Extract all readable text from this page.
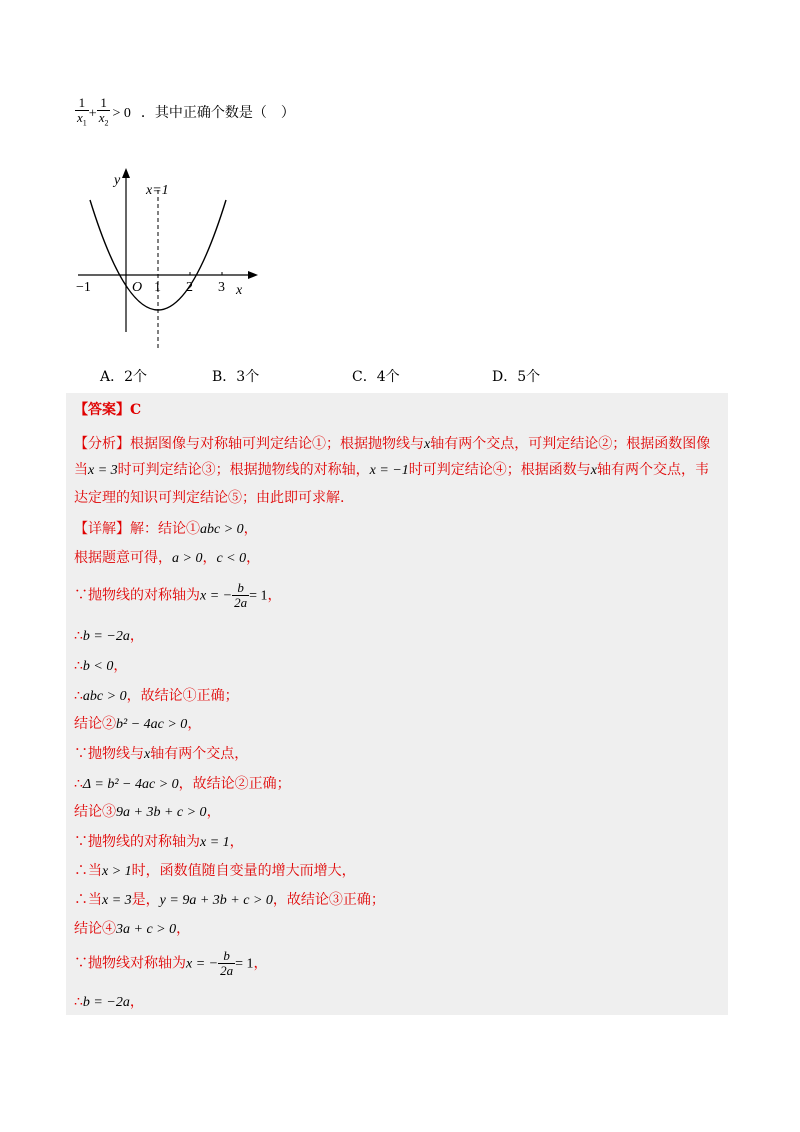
$\frac{1}{x_1} + \frac{1}{x_2} > 0$ ．其中正确个数是（　）
y
x
x=1
O
−1	1 2 3
A．2个	B．3个	C．4个	D．5个
【答案】C
【分析】根据图像与对称轴可判定结论①；根据抛物线与x轴有两个交点，可判定结论②；根据函数图像
当x = 3时可判定结论③；根据抛物线的对称轴，x = −1时可判定结论④；根据函数与x轴有两个交点，韦
达定理的知识可判定结论⑤；由此即可求解.
【详解】解：结论①abc > 0，
根据题意可得，a > 0，c < 0，
∵抛物线的对称轴为x = − $\frac{b}{2a} = 1$，
∴b = −2a，
∴b < 0，
∴abc > 0，故结论①正确；
结论②b² − 4ac > 0，
∵抛物线与x轴有两个交点，
∴Δ = b² − 4ac > 0，故结论②正确；
结论③9a + 3b + c > 0，
∵抛物线的对称轴为x = 1，
∴当x > 1时，函数值随自变量的增大而增大，
∴当x = 3是，y = 9a + 3b + c > 0，故结论③正确；
结论④3a + c > 0，
∵抛物线对称轴为x = − $\frac{b}{2a} = 1$，
∴b = −2a，
